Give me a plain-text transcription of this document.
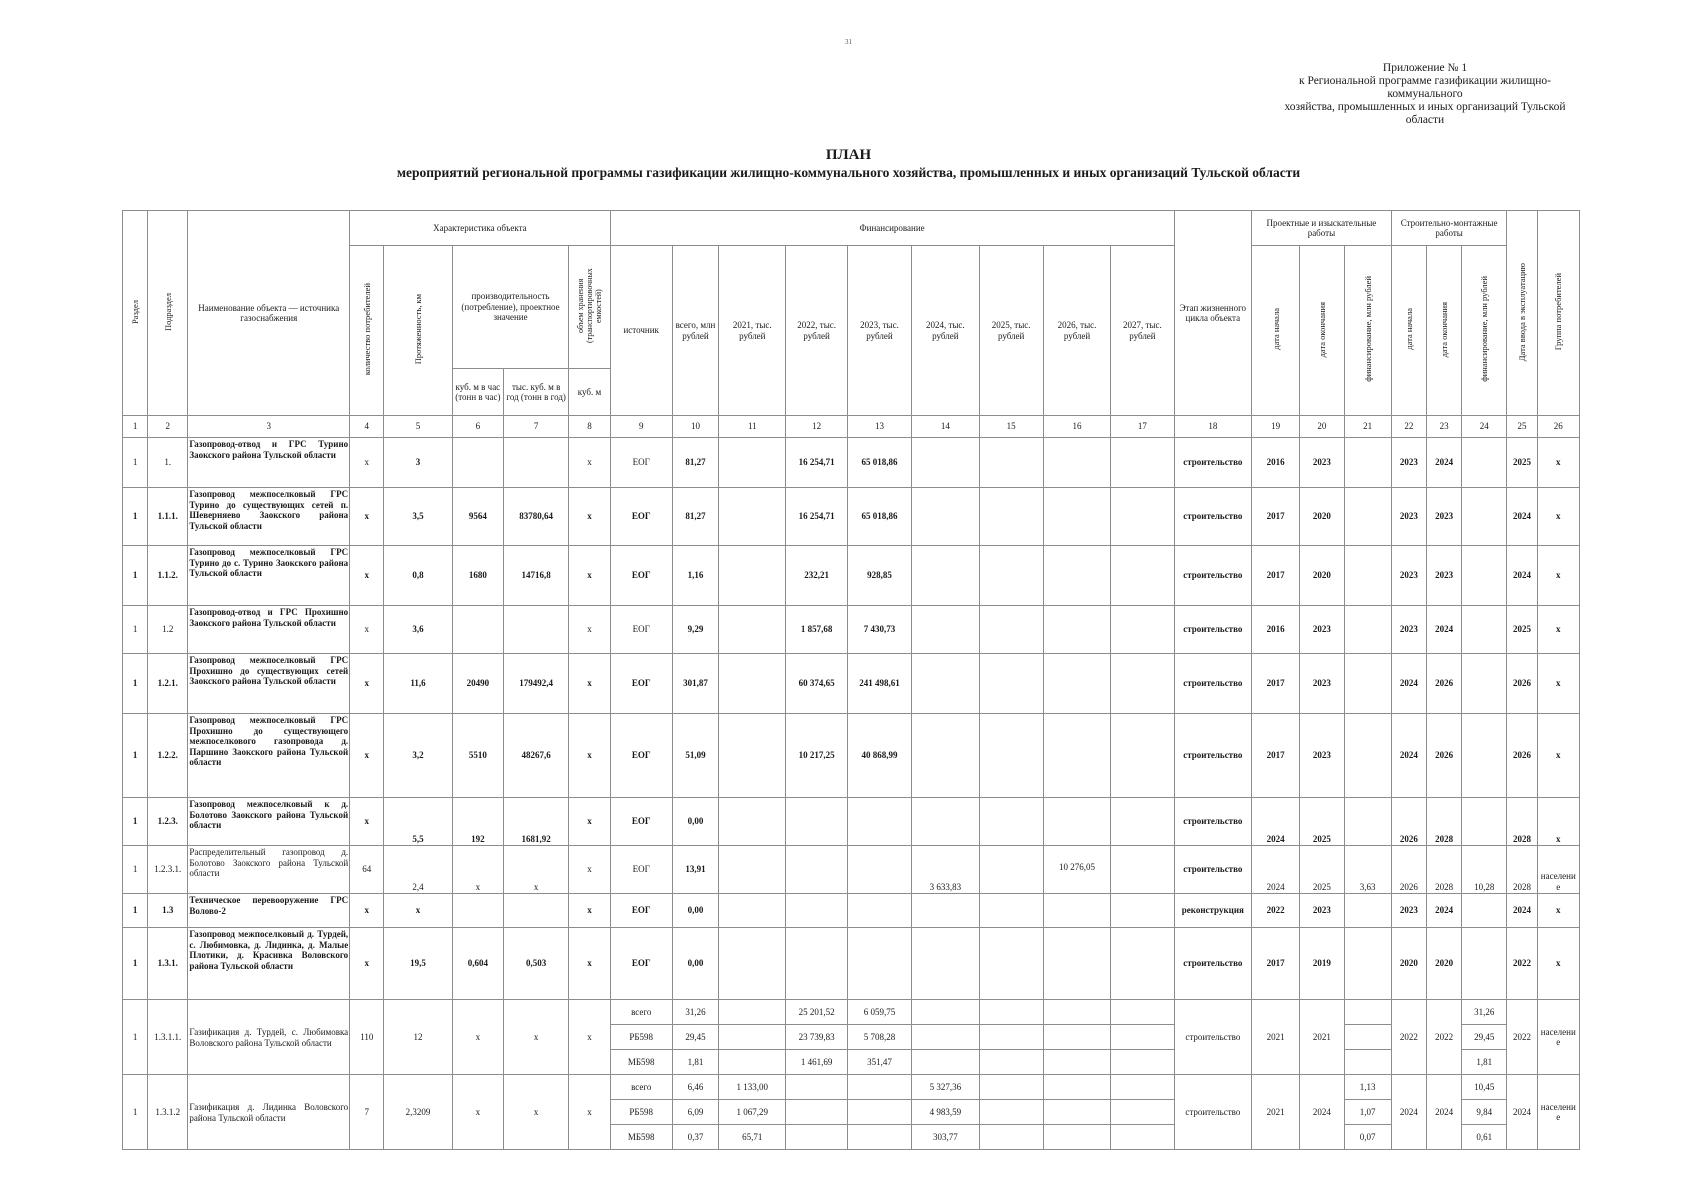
31
Приложение № 1
к Региональной программе газификации жилищно-
коммунального
хозяйства, промышленных и иных организаций Тульской
области
ПЛАН
мероприятий региональной программы газификации жилищно-коммунального хозяйства, промышленных и иных организаций Тульской области
Раздел	Подраздел	Наименование объекта — источника газоснабжения	Характеристика объекта					Финансирование									Этап жизненного цикла объекта	Проектные и изыскательные работы			Строительно-монтажные работы			Дата ввода в эксплуатацию	Группа потребителей
			количество потребителей	Протяженность, км	производительность (потребление), проектное значение		объем хранения (транспортировочных емкостей)	источник	всего, млн рублей	2021, тыс. рублей	2022, тыс. рублей	2023, тыс. рублей	2024, тыс. рублей	2025, тыс. рублей	2026, тыс. рублей	2027, тыс. рублей		дата начала	дата окончания	финансирование, млн рублей	дата начала	дата окончания	финансирование, млн рублей		
					куб. м в час (тонн в час)	тыс. куб. м в год (тонн в год)	куб. м																		
1	2	3	4	5	6	7	8	9	10	11	12	13	14	15	16	17	18	19	20	21	22	23	24	25	26
1	1.	Газопровод-отвод и ГРС Турино Заокского района Тульской области	х	3			х	ЕОГ	81,27		16 254,71	65 018,86					строительство	2016	2023		2023	2024		2025	х
1	1.1.1.	Газопровод межпоселковый ГРС Турино до существующих сетей п. Шеверняево Заокского района Тульской области	х	3,5	9564	83780,64	х	ЕОГ	81,27		16 254,71	65 018,86					строительство	2017	2020		2023	2023		2024	х
1	1.1.2.	Газопровод межпоселковый ГРС Турино до с. Турино Заокского района Тульской области	х	0,8	1680	14716,8	х	ЕОГ	1,16		232,21	928,85					строительство	2017	2020		2023	2023		2024	х
1	1.2	Газопровод-отвод и ГРС Прохишно Заокского района Тульской области	х	3,6			х	ЕОГ	9,29		1 857,68	7 430,73					строительство	2016	2023		2023	2024		2025	х
1	1.2.1.	Газопровод межпоселковый ГРС Прохишно до существующих сетей Заокского района Тульской области	х	11,6	20490	179492,4	х	ЕОГ	301,87		60 374,65	241 498,61					строительство	2017	2023		2024	2026		2026	х
1	1.2.2.	Газопровод межпоселковый ГРС Прохишно до существующего межпоселкового газопровода д. Паршино Заокского района Тульской области	х	3,2	5510	48267,6	х	ЕОГ	51,09		10 217,25	40 868,99					строительство	2017	2023		2024	2026		2026	х
1	1.2.3.	Газопровод межпоселковый к д. Болотово Заокского района Тульской области	х	5,5	192	1681,92	х	ЕОГ	0,00								строительство	2024	2025		2026	2028		2028	х
1	1.2.3.1.	Распределительный газопровод д. Болотово Заокского района Тульской области	64	2,4	х	х	х	ЕОГ	13,91				3 633,83		10 276,05		строительство	2024	2025	3,63	2026	2028	10,28	2028	население
1	1.3	Техническое перевооружение ГРС Волово-2	х	х			х	ЕОГ	0,00								реконструкция	2022	2023		2023	2024		2024	х
1	1.3.1.	Газопровод межпоселковый д. Турдей, с. Любимовка, д. Лидинка, д. Малые Плотики, д. Красивка Воловского района Тульской области	х	19,5	0,604	0,503	х	ЕОГ	0,00								строительство	2017	2019		2020	2020		2022	х
1	1.3.1.1.	Газификация д. Турдей, с. Любимовка Воловского района Тульской области	110	12	х	х	х	всего	31,26		25 201,52	6 059,75					строительство	2021	2021		2022	2022	31,26	2022	население
								РБ598	29,45		23 739,83	5 708,28											29,45		
								МБ598	1,81		1 461,69	351,47											1,81		
1	1.3.1.2	Газификация д. Лидинка Воловского района Тульской области	7	2,3209	х	х	х	всего	6,46	1 133,00			5 327,36				строительство	2021	2024	1,13	2024	2024	10,45	2024	население
								РБ598	6,09	1 067,29			4 983,59							1,07			9,84		
								МБ598	0,37	65,71			303,77							0,07			0,61		
